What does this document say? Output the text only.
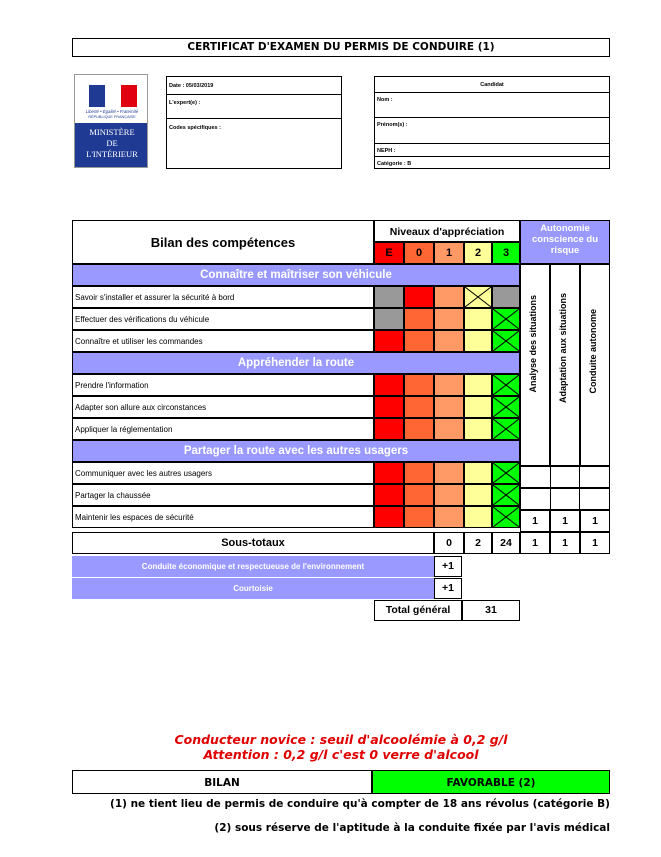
CERTIFICAT D'EXAMEN DU PERMIS DE CONDUIRE (1)
Liberté • Égalité • Fraternité
RÉPUBLIQUE FRANÇAISE
MINISTÈRE
DE
L'INTÉRIEUR
Date : 05/03/2019
L'expert(e) :
Codes spécifiques :
Candidat
Nom :
Prénom(s) :
NEPH :
Catégorie : B
Bilan des compétences
Niveaux d'appréciation
E	0	1	2	3
Autonomie conscience du risque
Connaître et maîtriser son véhicule
Savoir s'installer et assurer la sécurité à bord
Effectuer des vérifications du véhicule
Connaître et utiliser les commandes
Appréhender la route
Prendre l'information
Adapter son allure aux circonstances
Appliquer la réglementation
Partager la route avec les autres usagers
Communiquer avec les autres usagers
Partager la chaussée
Maintenir les espaces de sécurité
Analyse des situations Adaptation aux situations Conduite autonome
1	1	1
Sous-totaux	0	2	24	1	1	1
Conduite économique et respectueuse de l'environnement	+1
Courtoisie	+1
Total général	31
Conducteur novice : seuil d'alcoolémie à 0,2 g/l
Attention : 0,2 g/l c'est 0 verre d'alcool
BILAN	FAVORABLE (2)
(1) ne tient lieu de permis de conduire qu'à compter de 18 ans révolus (catégorie B)
(2) sous réserve de l'aptitude à la conduite fixée par l'avis médical
